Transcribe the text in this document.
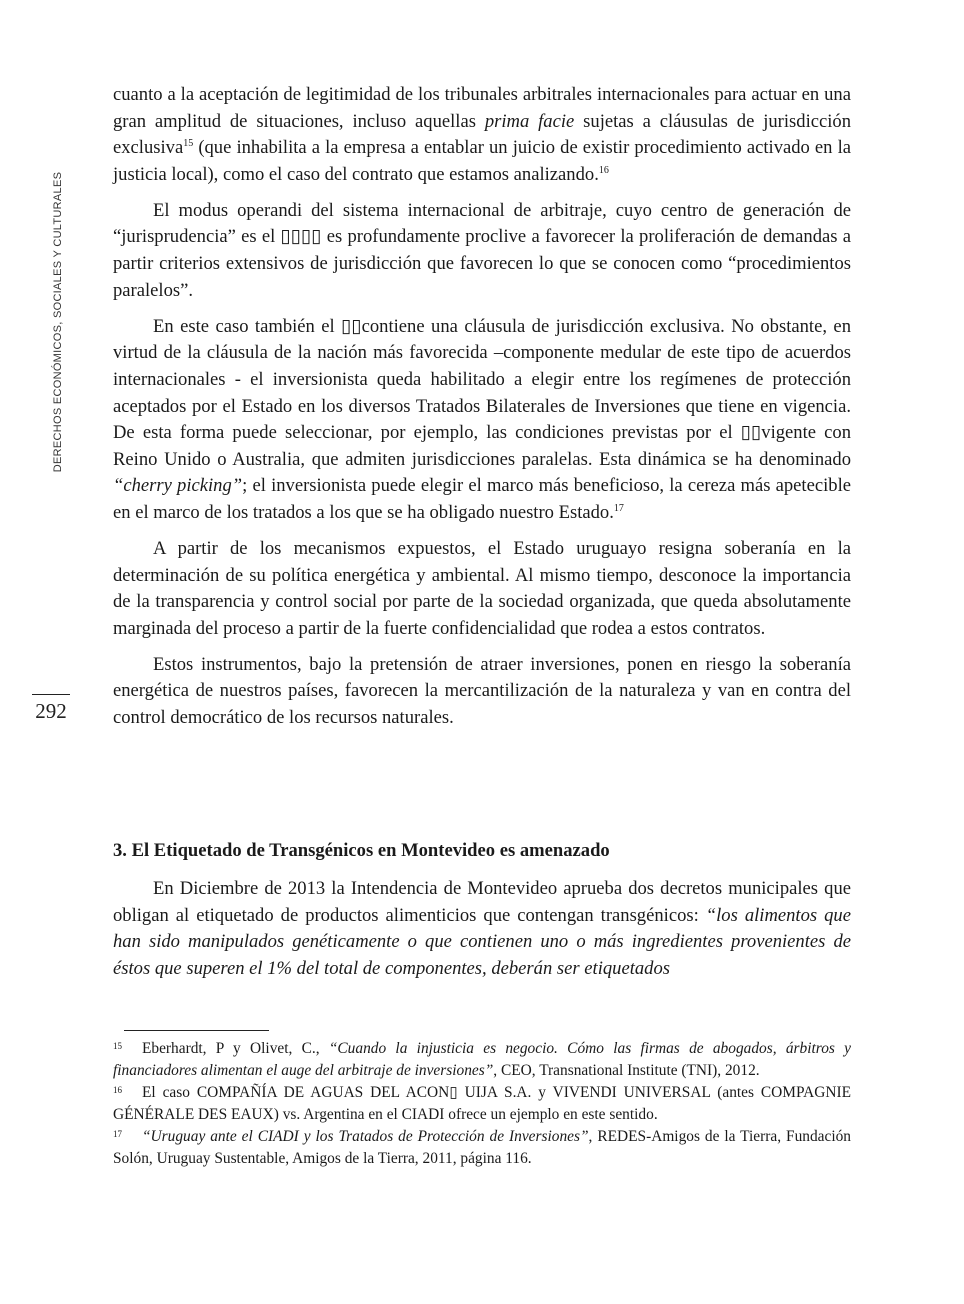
DERECHOS ECONÓMICOS, SOCIALES Y CULTURALES
292

cuanto a la aceptación de legitimidad de los tribunales arbitrales internacionales para actuar en una gran amplitud de situaciones, incluso aquellas prima facie sujetas a cláusulas de jurisdicción exclusiva$^{15}$ (que inhabilita a la empresa a entablar un juicio de existir procedimiento activado en la justicia local), como el caso del contrato que estamos analizando.$^{16}$

El modus operandi del sistema internacional de arbitraje, cuyo centro de generación de “jurisprudencia” es el ▯▯▯▯ es profundamente proclive a favorecer la proliferación de demandas a partir criterios extensivos de jurisdicción que favorecen lo que se conocen como “procedimientos paralelos”.

En este caso también el ▯▯contiene una cláusula de jurisdicción exclusiva. No obstante, en virtud de la cláusula de la nación más favorecida –componente medular de este tipo de acuerdos internacionales - el inversionista queda habilitado a elegir entre los regímenes de protección aceptados por el Estado en los diversos Tratados Bilaterales de Inversiones que tiene en vigencia. De esta forma puede seleccionar, por ejemplo, las condiciones previstas por el ▯▯vigente con Reino Unido o Australia, que admiten jurisdicciones paralelas. Esta dinámica se ha denominado “cherry picking”; el inversionista puede elegir el marco más beneficioso, la cereza más apetecible en el marco de los tratados a los que se ha obligado nuestro Estado.$^{17}$

A partir de los mecanismos expuestos, el Estado uruguayo resigna soberanía en la determinación de su política energética y ambiental. Al mismo tiempo, desconoce la importancia de la transparencia y control social por parte de la sociedad organizada, que queda absolutamente marginada del proceso a partir de la fuerte confidencialidad que rodea a estos contratos.

Estos instrumentos, bajo la pretensión de atraer inversiones, ponen en riesgo la soberanía energética de nuestros países, favorecen la mercantilización de la naturaleza y van en contra del control democrático de los recursos naturales.

3. El Etiquetado de Transgénicos en Montevideo es amenazado

En Diciembre de 2013 la Intendencia de Montevideo aprueba dos decretos municipales que obligan al etiquetado de productos alimenticios que contengan transgénicos: “los alimentos que han sido manipulados genéticamente o que contienen uno o más ingredientes provenientes de éstos que superen el 1% del total de componentes, deberán ser etiquetados

15 Eberhardt, P y Olivet, C., “Cuando la injusticia es negocio. Cómo las firmas de abogados, árbitros y financiadores alimentan el auge del arbitraje de inversiones”, CEO, Transnational Institute (TNI), 2012.

16 El caso COMPAÑÍA DE AGUAS DEL ACON▯ UIJA S.A. y VIVENDI UNIVERSAL (antes COMPAGNIE GÉNÉRALE DES EAUX) vs. Argentina en el CIADI ofrece un ejemplo en este sentido.

17 “Uruguay ante el CIADI y los Tratados de Protección de Inversiones”, REDES-Amigos de la Tierra, Fundación Solón, Uruguay Sustentable, Amigos de la Tierra, 2011, página 116.
